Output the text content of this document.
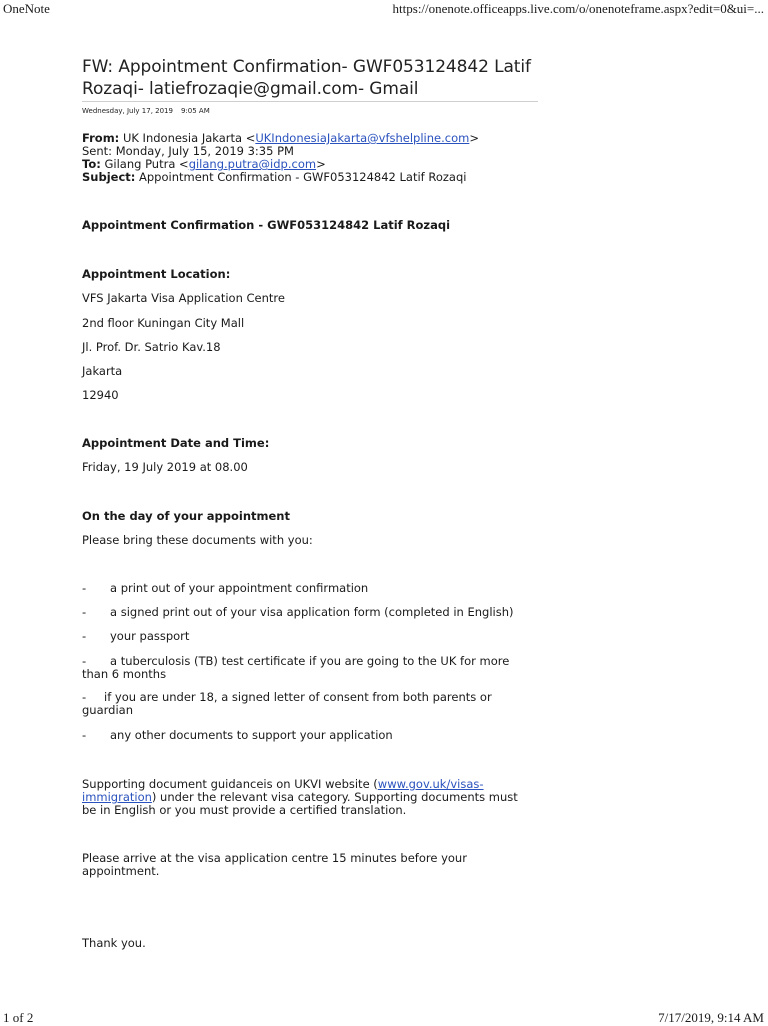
OneNote	https://onenote.officeapps.live.com/o/onenoteframe.aspx?edit=0&ui=...
1 of 2	7/17/2019, 9:14 AM
FW: Appointment Confirmation- GWF053124842 Latif Rozaqi- latiefrozaqie@gmail.com- Gmail
Wednesday, July 17, 2019 9:05 AM
From: UK Indonesia Jakarta <UKIndonesiaJakarta@vfshelpline.com>
Sent: Monday, July 15, 2019 3:35 PM
To: Gilang Putra <gilang.putra@idp.com>
Subject: Appointment Confirmation - GWF053124842 Latif Rozaqi
Appointment Confirmation - GWF053124842 Latif Rozaqi
Appointment Location:
VFS Jakarta Visa Application Centre
2nd floor Kuningan City Mall
Jl. Prof. Dr. Satrio Kav.18
Jakarta
12940
Appointment Date and Time:
Friday, 19 July 2019 at 08.00
On the day of your appointment
Please bring these documents with you:
- a print out of your appointment confirmation
- a signed print out of your visa application form (completed in English)
- your passport
- a tuberculosis (TB) test certificate if you are going to the UK for more
than 6 months
- if you are under 18, a signed letter of consent from both parents or
guardian
- any other documents to support your application
Supporting document guidanceis on UKVI website (www.gov.uk/visas-
immigration) under the relevant visa category. Supporting documents must
be in English or you must provide a certified translation.
Please arrive at the visa application centre 15 minutes before your
appointment.
Thank you.
